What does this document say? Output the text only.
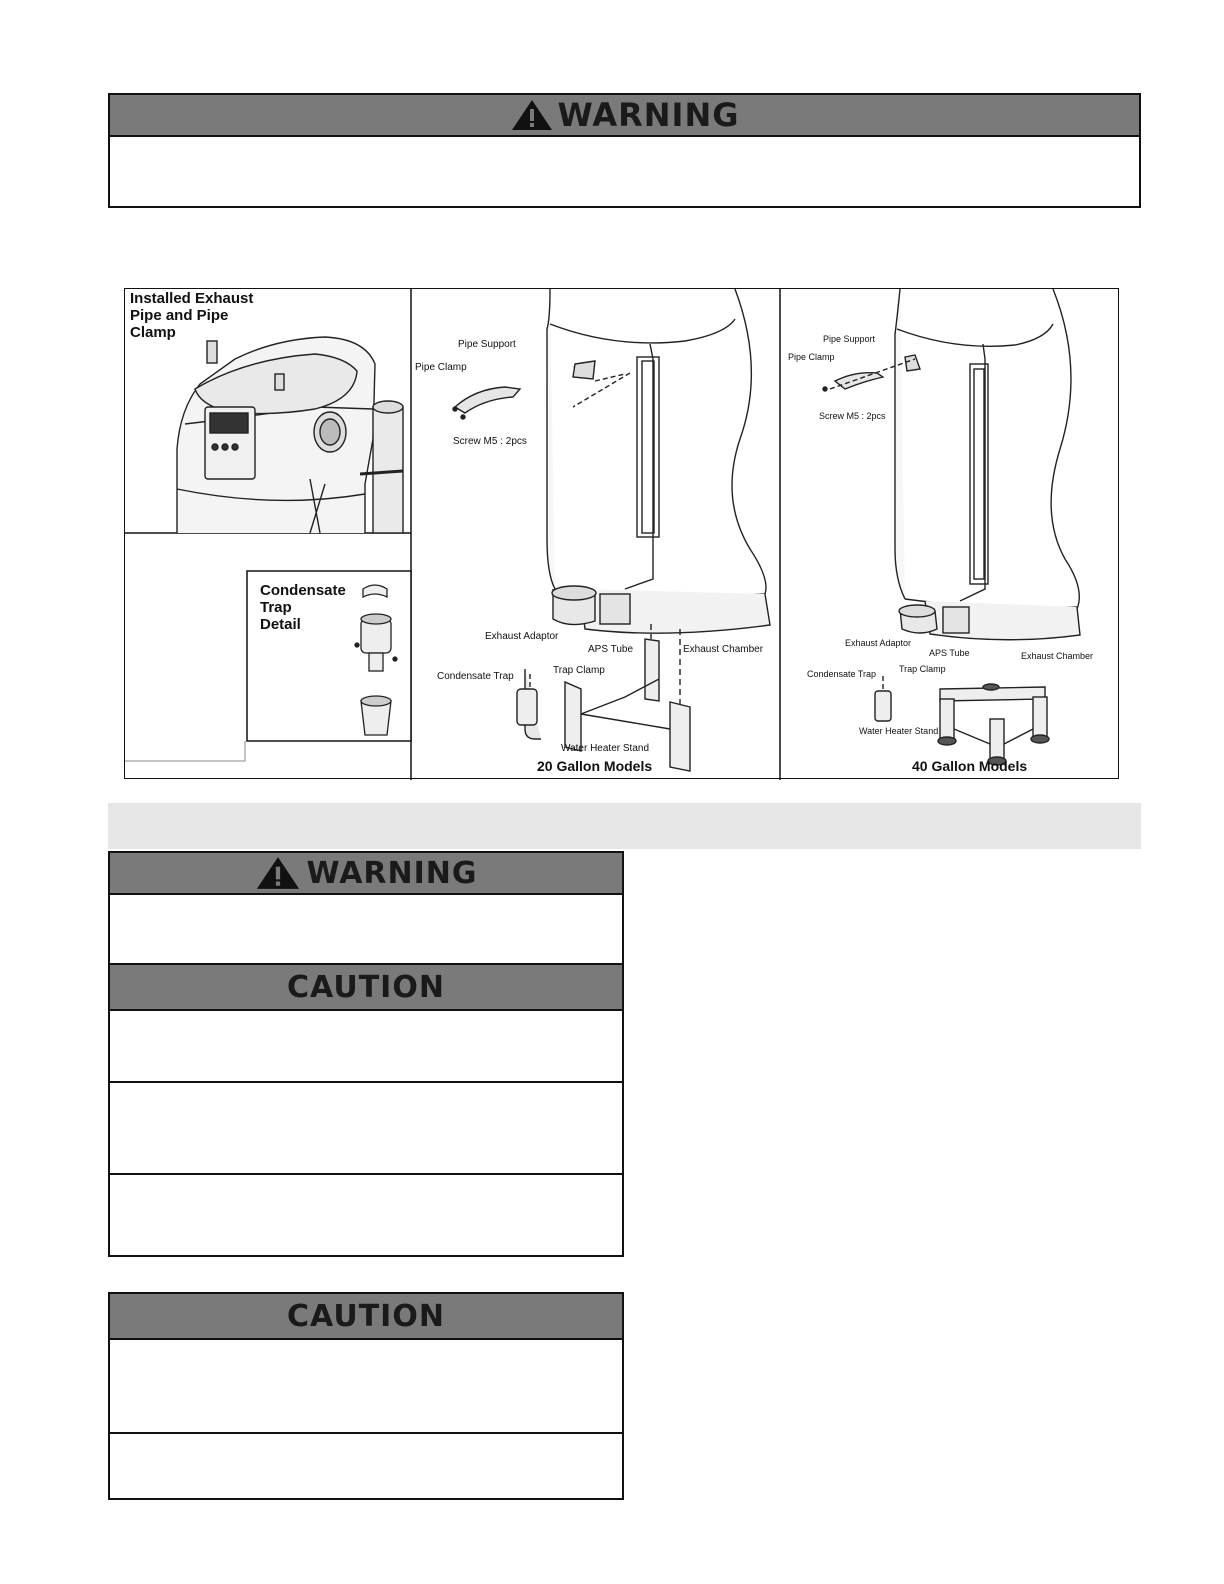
WARNING
Installed Exhaust
Pipe and Pipe
Clamp
Condensate
Trap
Detail
Pipe Support
Pipe Clamp
Screw M5 : 2pcs
Exhaust Adaptor
APS Tube	Exhaust Chamber
Condensate Trap
Trap Clamp
Water Heater Stand
20 Gallon Models
Pipe Support
Pipe Clamp
Screw M5 : 2pcs
Exhaust Adaptor
APS Tube	Exhaust Chamber
Condensate Trap	Trap Clamp
Water Heater Stand
40 Gallon Models
WARNING
CAUTION
CAUTION
